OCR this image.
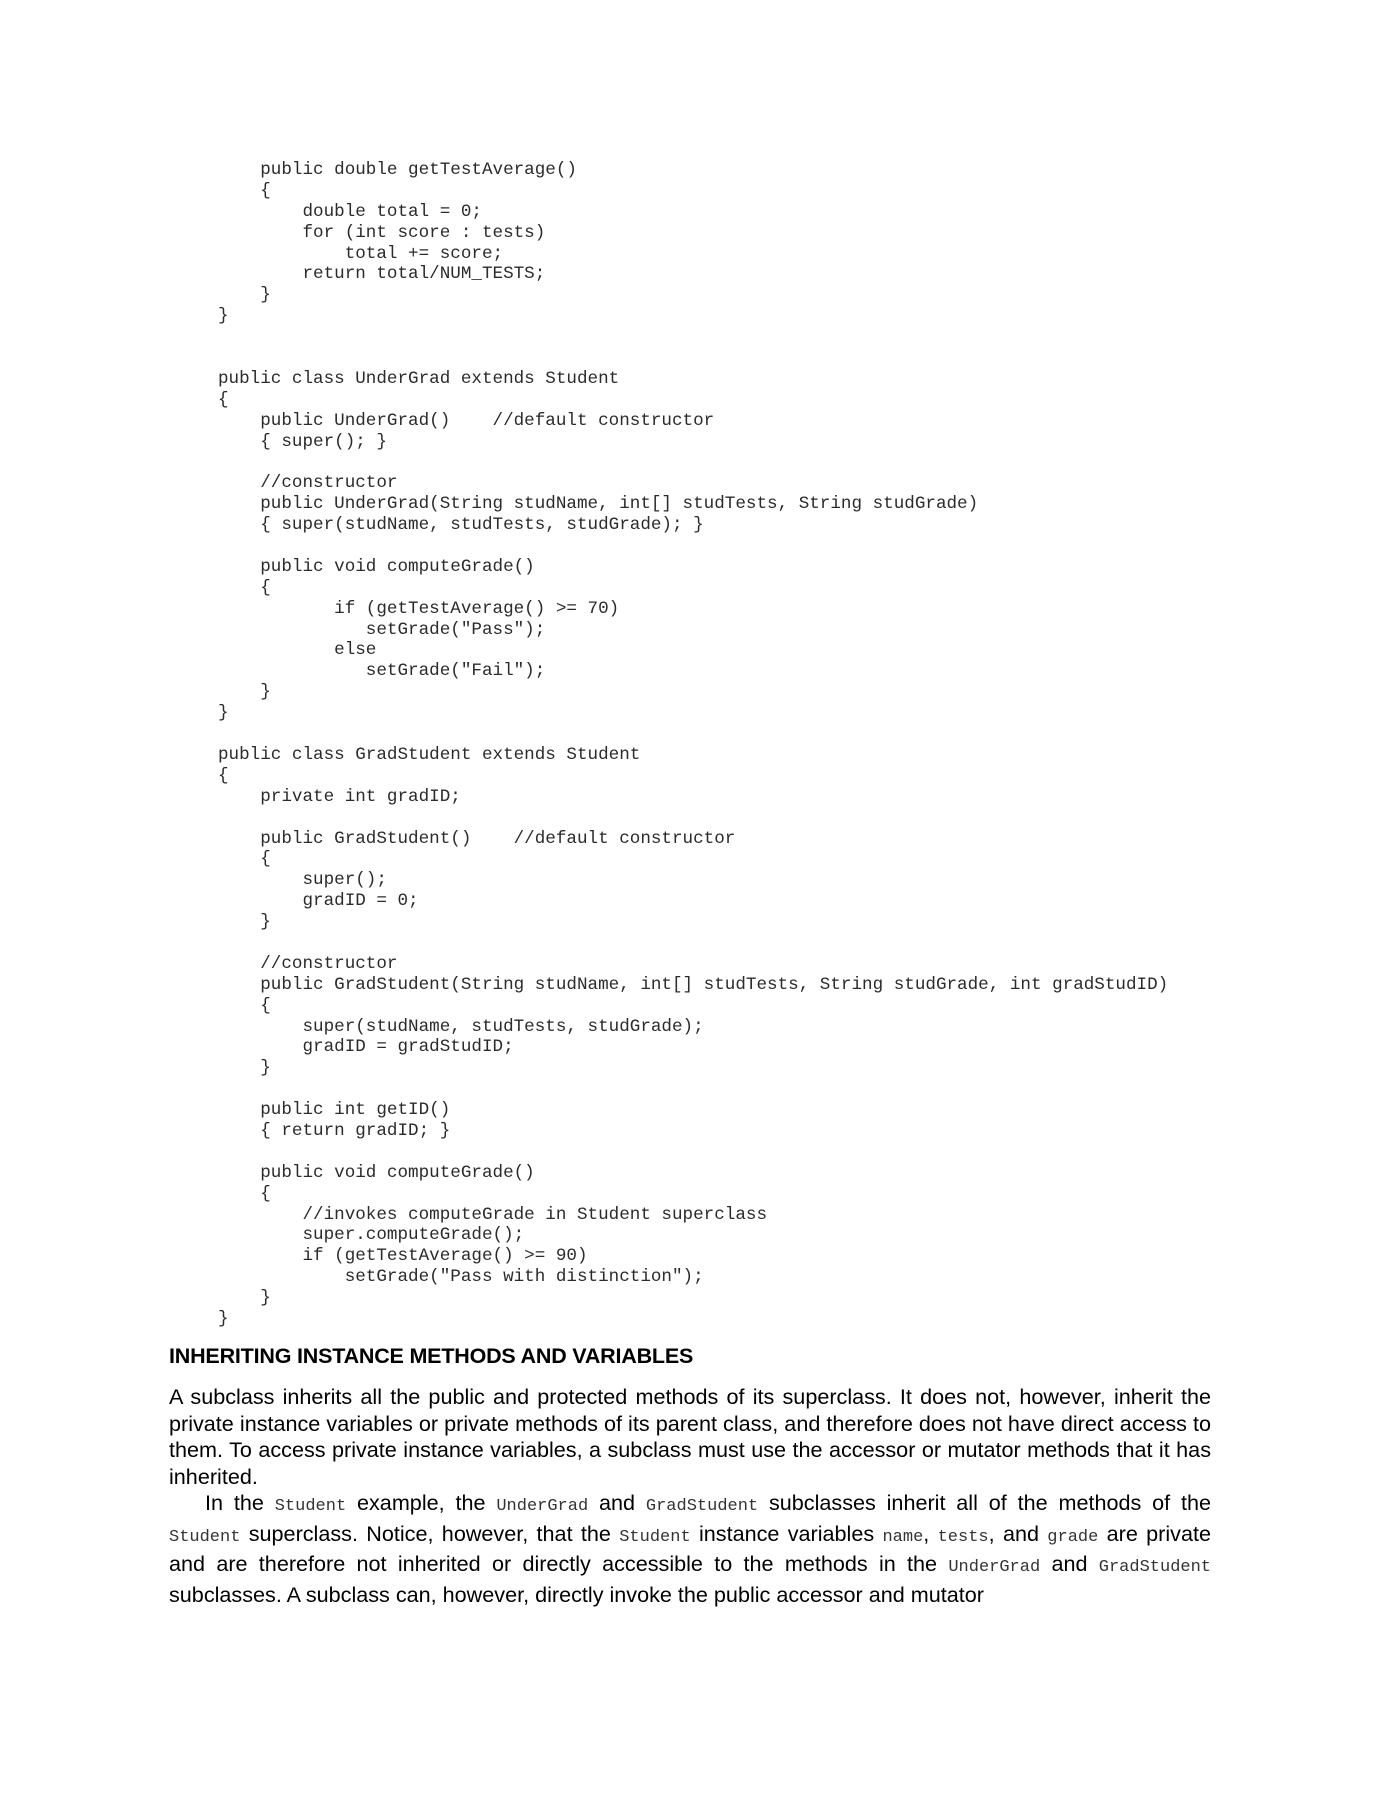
public double getTestAverage()
{
double total = 0;
for (int score : tests)
total += score;
return total/NUM_TESTS;
}
}
public class UnderGrad extends Student
{
public UnderGrad()    //default constructor
{ super(); }
//constructor
public UnderGrad(String studName, int[] studTests, String studGrade)
{ super(studName, studTests, studGrade); }
public void computeGrade()
{
if (getTestAverage() >= 70)
setGrade("Pass");
else
setGrade("Fail");
}
}
public class GradStudent extends Student
{
private int gradID;
public GradStudent()    //default constructor
{
super();
gradID = 0;
}
//constructor
public GradStudent(String studName, int[] studTests, String studGrade, int gradStudID)
{
super(studName, studTests, studGrade);
gradID = gradStudID;
}
public int getID()
{ return gradID; }
public void computeGrade()
{
//invokes computeGrade in Student superclass
super.computeGrade();
if (getTestAverage() >= 90)
setGrade("Pass with distinction");
}
}
INHERITING INSTANCE METHODS AND VARIABLES

A subclass inherits all the public and protected methods of its superclass. It does not, however, inherit the private instance variables or private methods of its parent class, and therefore does not have direct access to them. To access private instance variables, a subclass must use the accessor or mutator methods that it has inherited.

In the Student example, the UnderGrad and GradStudent subclasses inherit all of the methods of the Student superclass. Notice, however, that the Student instance variables name, tests, and grade are private and are therefore not inherited or directly accessible to the methods in the UnderGrad and GradStudent subclasses. A subclass can, however, directly invoke the public accessor and mutator
